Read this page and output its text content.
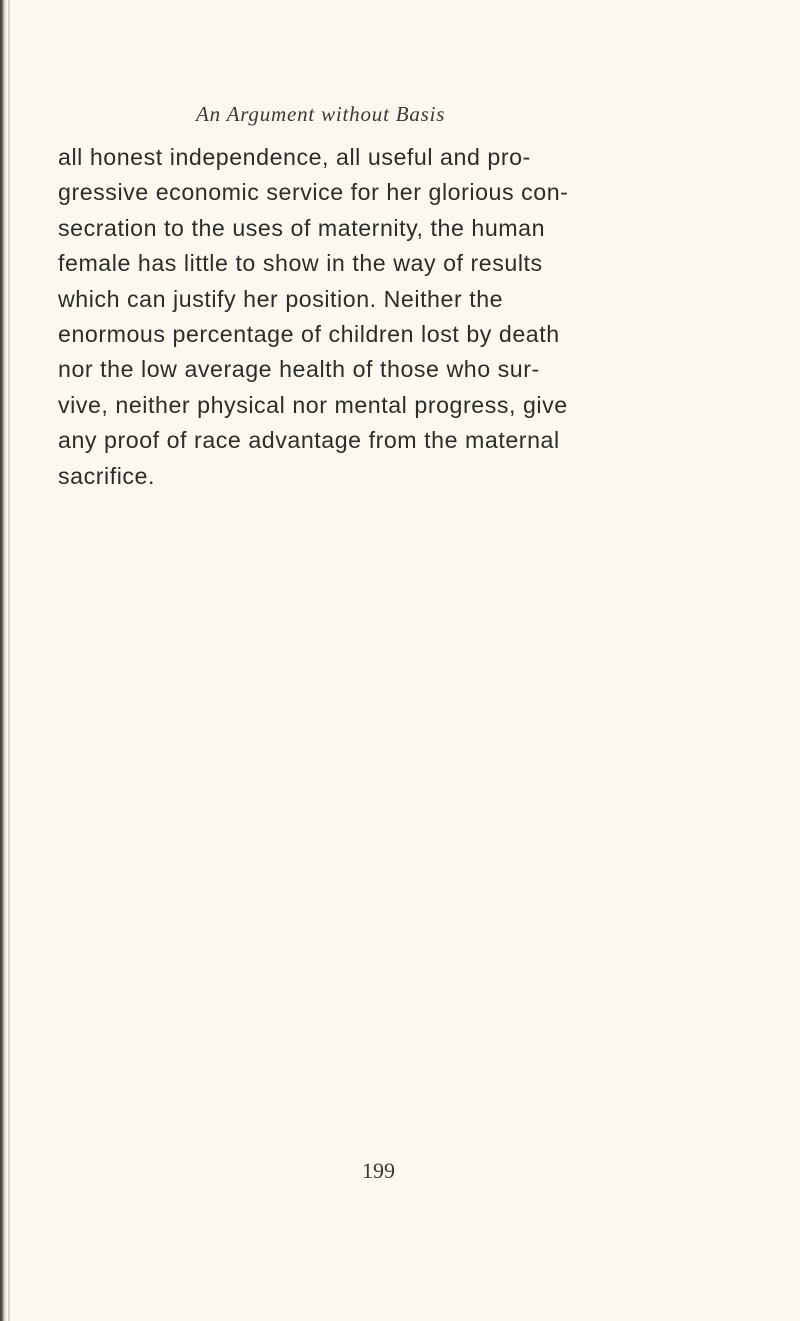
An Argument without Basis
all honest independence, all useful and pro-
gressive economic service for her glorious con-
secration to the uses of maternity, the human
female has little to show in the way of results
which can justify her position. Neither the
enormous percentage of children lost by death
nor the low average health of those who sur-
vive, neither physical nor mental progress, give
any proof of race advantage from the maternal
sacrifice.
199
